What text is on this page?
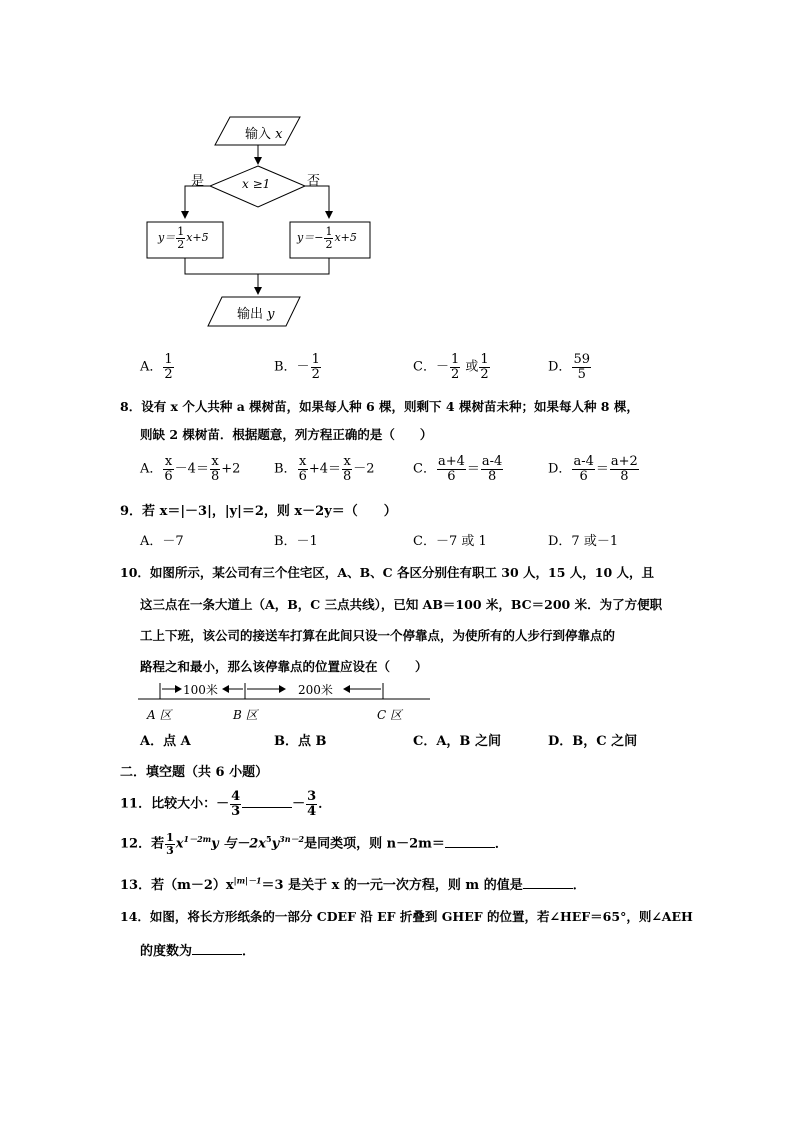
输入 x
x ≥1
是	否
$y= \frac{1}{2} x+5$	$y=- \frac{1}{2} x+5$
输出 y
A． $\frac{1}{2}$	B．－ $\frac{1}{2}$	C．－ $\frac{1}{2}$ 或 $\frac{1}{2}$	D． $\frac{59}{5}$
8．设有 x 个人共种 a 棵树苗，如果每人种 6 棵，则剩下 4 棵树苗未种；如果每人种 8 棵，
则缺 2 棵树苗．根据题意，列方程正确的是（　　）
A． $\frac{x}{6} -4= \frac{x}{8} +2$	B． $\frac{x}{6} +4= \frac{x}{8} -2$	C． $\frac{a+4}{6} = \frac{a-4}{8}$	D． $\frac{a-4}{6} = \frac{a+2}{8}$
9．若 x＝|－3|，|y|＝2，则 x－2y＝（　　）
A．－7	B．－1	C．－7 或 1	D．7 或－1
10．如图所示，某公司有三个住宅区，A、B、C 各区分别住有职工 30 人，15 人，10 人，且
这三点在一条大道上（A，B，C 三点共线），已知 AB＝100 米，BC＝200 米．为了方便职
工上下班，该公司的接送车打算在此间只设一个停靠点，为使所有的人步行到停靠点的
路程之和最小，那么该停靠点的位置应设在（　　）
100米	200米
A 区	B 区	C 区
A．点 A	B．点 B	C．A，B 之间	D．B，C 之间
二．填空题（共 6 小题）
11．比较大小：－ $\frac{4}{3}$	－ $\frac{3}{4}$ ．
12．若 $\frac{1}{3} x^{1-2m}y$ 与$-2x^5y^{3n-2}$是同类项，则 n－2m＝	．
13．若$(m-2)x^{|m|-1}=3$ 是关于 x 的一元一次方程，则 m 的值是	．
14．如图，将长方形纸条的一部分 CDEF 沿 EF 折叠到 GHEF 的位置，若∠HEF＝65°，则∠AEH
的度数为	．
